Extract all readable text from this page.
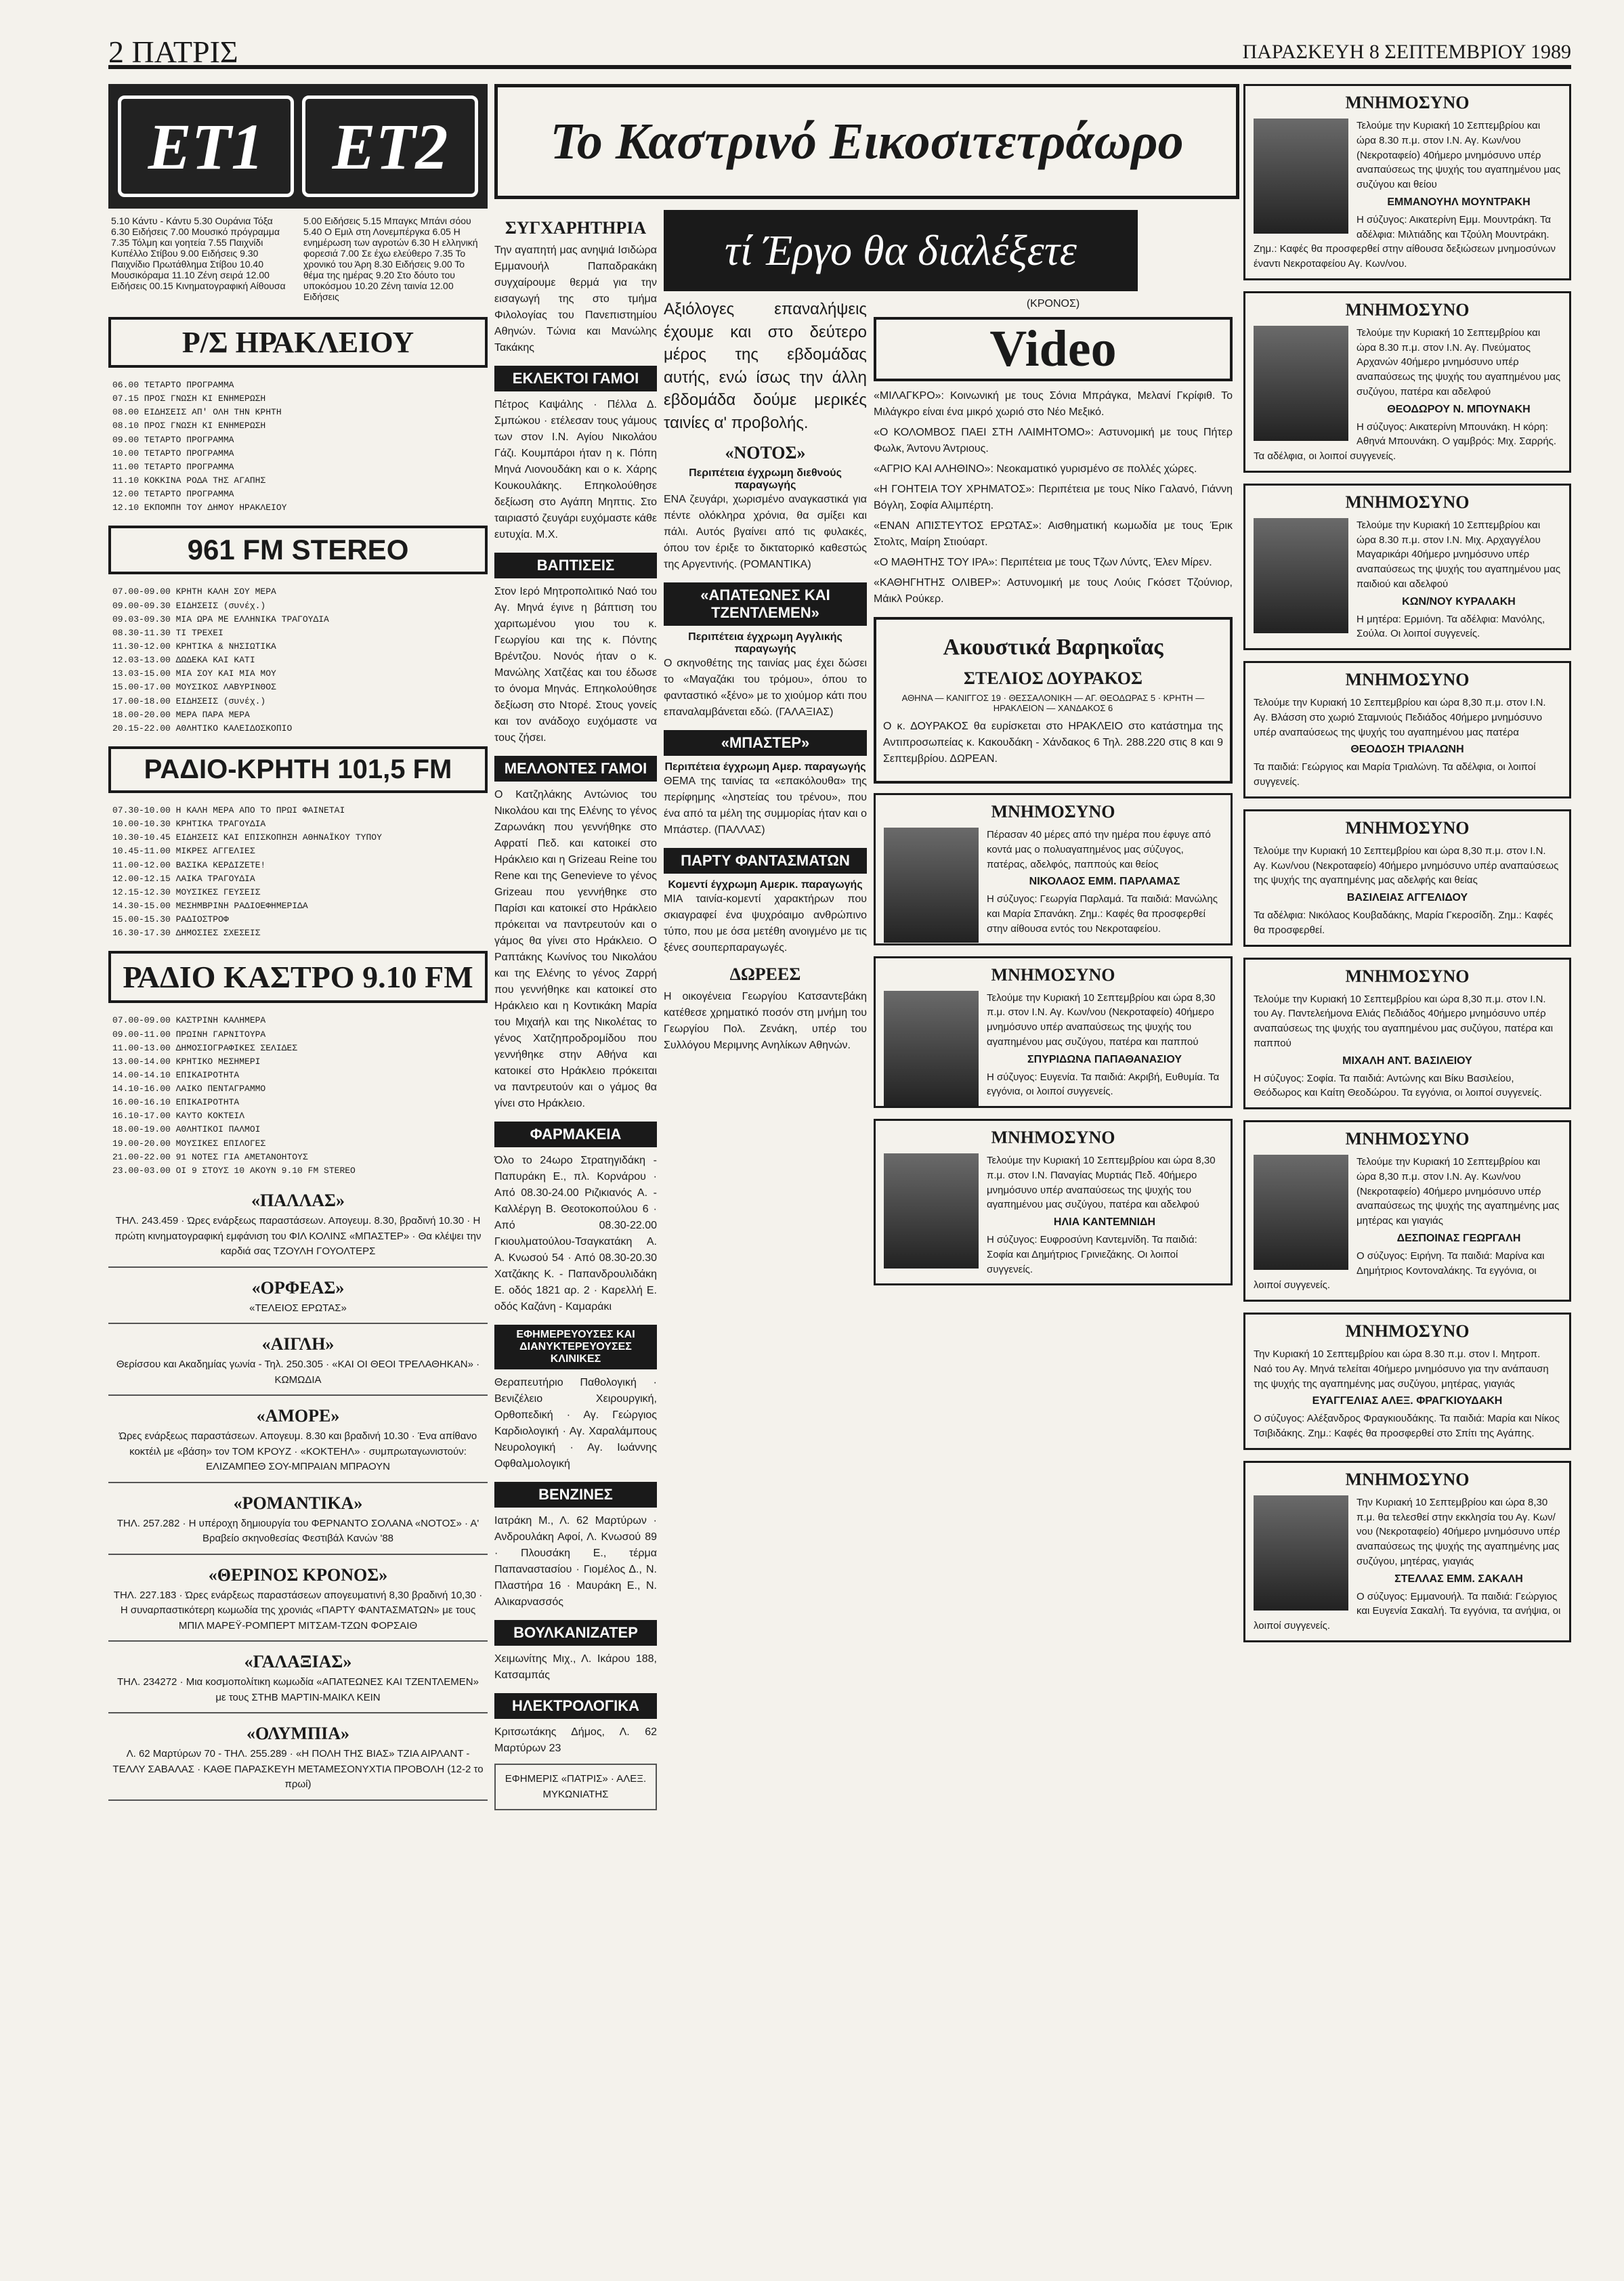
2 ΠΑΤΡΙΣ	ΠΑΡΑΣΚΕΥΗ 8 ΣΕΠΤΕΜΒΡΙΟΥ 1989
ET1	ET2
5.10 Κάντυ - Κάντυ 5.30 Ουράνια Τόξα 6.30 Ειδήσεις 7.00 Μουσικό πρόγραμμα 7.35 Τόλμη και γοητεία 7.55 Παιχνίδι Κυπέλλο Στίβου 9.00 Ειδήσεις 9.30 Παιχνίδιο Πρωτάθλημα Στίβου 10.40 Μουσικόραμα 11.10 Ζένη σειρά 12.00 Ειδήσεις 00.15 Κινηματογραφική Αίθουσα
5.00 Ειδήσεις 5.15 Μπαγκς Μπάνι σόου 5.40 Ο Εμιλ στη Λονεμπέργκα 6.05 Η ενημέρωση των αγροτών 6.30 Η ελληνική φορεσιά 7.00 Σε έχω ελεύθερο 7.35 Το χρονικό του Άρη 8.30 Ειδήσεις 9.00 Το θέμα της ημέρας 9.20 Στο δόυτο του υποκόσμου 10.20 Ζένη ταινία 12.00 Ειδήσεις
Ρ/Σ ΗΡΑΚΛΕΙΟΥ
06.00 ΤΕΤΑΡΤΟ ΠΡΟΓΡΑΜΜΑ
07.15 ΠΡΟΣ ΓΝΩΣΗ ΚΙ ΕΝΗΜΕΡΩΣΗ
08.00 ΕΙΔΗΣΕΙΣ ΑΠ' ΟΛΗ ΤΗΝ ΚΡΗΤΗ
08.10 ΠΡΟΣ ΓΝΩΣΗ ΚΙ ΕΝΗΜΕΡΩΣΗ
09.00 ΤΕΤΑΡΤΟ ΠΡΟΓΡΑΜΜΑ
10.00 ΤΕΤΑΡΤΟ ΠΡΟΓΡΑΜΜΑ
11.00 ΤΕΤΑΡΤΟ ΠΡΟΓΡΑΜΜΑ
11.10 ΚΟΚΚΙΝΑ ΡΟΔΑ ΤΗΣ ΑΓΑΠΗΣ
12.00 ΤΕΤΑΡΤΟ ΠΡΟΓΡΑΜΜΑ
12.10 ΕΚΠΟΜΠΗ ΤΟΥ ΔΗΜΟΥ ΗΡΑΚΛΕΙΟΥ
961 FM STEREO
07.00-09.00 ΚΡΗΤΗ ΚΑΛΗ ΣΟΥ ΜΕΡΑ
09.00-09.30 ΕΙΔΗΣΕΙΣ (συνέχ.)
09.03-09.30 ΜΙΑ ΩΡΑ ΜΕ ΕΛΛΗΝΙΚΑ ΤΡΑΓΟΥΔΙΑ
08.30-11.30 ΤΙ ΤΡΕΧΕΙ
11.30-12.00 ΚΡΗΤΙΚΑ & ΝΗΣΙΩΤΙΚΑ
12.03-13.00 ΔΩΔΕΚΑ ΚΑΙ ΚΑΤΙ
13.03-15.00 ΜΙΑ ΣΟΥ ΚΑΙ ΜΙΑ ΜΟΥ
15.00-17.00 ΜΟΥΣΙΚΟΣ ΛΑΒΥΡΙΝΘΟΣ
17.00-18.00 ΕΙΔΗΣΕΙΣ (συνέχ.)
18.00-20.00 ΜΕΡΑ ΠΑΡΑ ΜΕΡΑ
20.15-22.00 ΑΘΛΗΤΙΚΟ ΚΑΛΕΙΔΟΣΚΟΠΙΟ
ΡΑΔΙΟ-ΚΡΗΤΗ 101,5 FM
07.30-10.00 Η ΚΑΛΗ ΜΕΡΑ ΑΠΟ ΤΟ ΠΡΩΙ ΦΑΙΝΕΤΑΙ
10.00-10.30 ΚΡΗΤΙΚΑ ΤΡΑΓΟΥΔΙΑ
10.30-10.45 ΕΙΔΗΣΕΙΣ ΚΑΙ ΕΠΙΣΚΟΠΗΣΗ ΑΘΗΝΑΪΚΟΥ ΤΥΠΟΥ
10.45-11.00 ΜΙΚΡΕΣ ΑΓΓΕΛΙΕΣ
11.00-12.00 ΒΑΣΙΚΑ ΚΕΡΔΙΖΕΤΕ!
12.00-12.15 ΛΑΙΚΑ ΤΡΑΓΟΥΔΙΑ
12.15-12.30 ΜΟΥΣΙΚΕΣ ΓΕΥΣΕΙΣ
14.30-15.00 ΜΕΣΗΜΒΡΙΝΗ ΡΑΔΙΟΕΦΗΜΕΡΙΔΑ
15.00-15.30 ΡΑΔΙΟΣΤΡΟΦ
16.30-17.30 ΔΗΜΟΣΙΕΣ ΣΧΕΣΕΙΣ
ΡΑΔΙΟ ΚΑΣΤΡΟ 9.10 FM
07.00-09.00 ΚΑΣΤΡΙΝΗ ΚΑΛΗΜΕΡΑ
09.00-11.00 ΠΡΩΙΝΗ ΓΑΡΝΙΤΟΥΡΑ
11.00-13.00 ΔΗΜΟΣΙΟΓΡΑΦΙΚΕΣ ΣΕΛΙΔΕΣ
13.00-14.00 ΚΡΗΤΙΚΟ ΜΕΣΗΜΕΡΙ
14.00-14.10 ΕΠΙΚΑΙΡΟΤΗΤΑ
14.10-16.00 ΛΑΙΚΟ ΠΕΝΤΑΓΡΑΜΜΟ
16.00-16.10 ΕΠΙΚΑΙΡΟΤΗΤΑ
16.10-17.00 ΚΑΥΤΟ ΚΟΚΤΕΙΛ
18.00-19.00 ΑΘΛΗΤΙΚΟΙ ΠΑΛΜΟΙ
19.00-20.00 ΜΟΥΣΙΚΕΣ ΕΠΙΛΟΓΕΣ
21.00-22.00 91 ΝΟΤΕΣ ΓΙΑ ΑΜΕΤΑΝΟΗΤΟΥΣ
23.00-03.00 ΟΙ 9 ΣΤΟΥΣ 10 ΑΚΟΥΝ 9.10 FM STEREO
«ΠΑΛΛΑΣ»
ΤΗΛ. 243.459 · Ώρες ενάρξεως παραστάσεων. Απογευμ. 8.30, βραδινή 10.30 · Η πρώτη κινηματογραφική εμφάνιση του ΦΙΛ ΚΟΛΙΝΣ «ΜΠΑΣΤΕΡ» · Θα κλέψει την καρδιά σας ΤΖΟΥΛΗ ΓΟΥΟΛΤΕΡΣ
«ΟΡΦΕΑΣ»
«ΤΕΛΕΙΟΣ ΕΡΩΤΑΣ»
«ΑΙΓΛΗ»
Θερίσσου και Ακαδημίας γωνία - Τηλ. 250.305 · «ΚΑΙ ΟΙ ΘΕΟΙ ΤΡΕΛΑΘΗΚΑΝ» · ΚΩΜΩΔΙΑ
«ΑΜΟΡΕ»
Ώρες ενάρξεως παραστάσεων. Απογευμ. 8.30 και βραδινή 10.30 · Ένα απίθανο κοκτέιλ με «βάση» τον ΤΟΜ ΚΡΟΥΖ · «ΚΟΚΤΕΗΛ» · συμπρωταγωνιστούν: ΕΛΙΖΑΜΠΕΘ ΣΟΥ-ΜΠΡΑΙΑΝ ΜΠΡΑΟΥΝ
«ΡΟΜΑΝΤΙΚΑ»
ΤΗΛ. 257.282 · Η υπέροχη δημιουργία του ΦΕΡΝΑΝΤΟ ΣΟΛΑΝΑ «ΝΟΤΟΣ» · Α' Βραβείο σκηνοθεσίας Φεστιβάλ Κανών '88
«ΘΕΡΙΝΟΣ ΚΡΟΝΟΣ»
ΤΗΛ. 227.183 · Ώρες ενάρξεως παραστάσεων απογευματινή 8,30 βραδινή 10,30 · Η συναρπαστικότερη κωμωδία της χρονιάς «ΠΑΡΤΥ ΦΑΝΤΑΣΜΑΤΩΝ» με τους ΜΠΙΛ ΜΑΡΕΫ-ΡΟΜΠΕΡΤ ΜΙΤΣΑΜ-ΤΖΩΝ ΦΟΡΣΑΙΘ
«ΓΑΛΑΞΙΑΣ»
ΤΗΛ. 234272 · Μια κοσμοπολίτικη κωμωδία «ΑΠΑΤΕΩΝΕΣ ΚΑΙ ΤΖΕΝΤΛΕΜΕΝ» με τους ΣΤΗΒ ΜΑΡΤΙΝ-ΜΑΙΚΛ ΚΕΙΝ
«ΟΛΥΜΠΙΑ»
Λ. 62 Μαρτύρων 70 - ΤΗΛ. 255.289 · «Η ΠΟΛΗ ΤΗΣ ΒΙΑΣ» ΤΖΙΑ ΑΙΡΛΑΝΤ - ΤΕΛΛΥ ΣΑΒΑΛΑΣ · ΚΑΘΕ ΠΑΡΑΣΚΕΥΗ ΜΕΤΑΜΕΣΟΝΥΧΤΙΑ ΠΡΟΒΟΛΗ (12-2 το πρωί)
Το Καστρινό Εικοσιτετράωρο
ΣΥΓΧΑΡΗΤΗΡΙΑ

Την αγαπητή μας ανηψιά Ισιδώρα Εμμανουήλ Παπαδρακάκη συγχαίρουμε θερμά για την εισαγωγή της στο τμήμα Φιλολογίας του Πανεπιστημίου Αθηνών. Τώνια και Μανώλης Τακάκης

ΕΚΛΕΚΤΟΙ ΓΑΜΟΙ

Πέτρος Καψάλης · Πέλλα Δ. Σμπώκου · ετέλεσαν τους γάμους των στον Ι.Ν. Αγίου Νικολάου Γάζι. Κουμπάροι ήταν η κ. Πόπη Μηνά Λιονουδάκη και ο κ. Χάρης Κουκουλάκης. Επηκολούθησε δεξίωση στο Αγάπη Μηπτις. Στο ταιριαστό ζευγάρι ευχόμαστε κάθε ευτυχία. Μ.Χ.

ΒΑΠΤΙΣΕΙΣ

Στον Ιερό Μητροπολιτικό Ναό του Αγ. Μηνά έγινε η βάπτιση του χαριτωμένου γιου του κ. Γεωργίου και της κ. Πόντης Βρέντζου. Νονός ήταν ο κ. Μανώλης Χατζέας και του έδωσε το όνομα Μηνάς. Επηκολούθησε δεξίωση στο Ντορέ. Στους γονείς και τον ανάδοχο ευχόμαστε να τους ζήσει.

ΜΕΛΛΟΝΤΕΣ ΓΑΜΟΙ

Ο Κατζηλάκης Αντώνιος του Νικολάου και της Ελένης το γένος Ζαρωνάκη που γεννήθηκε στο Αφρατί Πεδ. και κατοικεί στο Ηράκλειο και η Grizeau Reine του Rene και της Genevieve το γένος Grizeau που γεννήθηκε στο Παρίσι και κατοικεί στο Ηράκλειο πρόκειται να παντρευτούν και ο γάμος θα γίνει στο Ηράκλειο. Ο Ραπτάκης Κωνίνος του Νικολάου και της Ελένης το γένος Ζαρρή που γεννήθηκε και κατοικεί στο Ηράκλειο και η Κοντικάκη Μαρία του Μιχαήλ και της Νικολέτας το γένος Χατζηπροδρομίδου που γεννήθηκε στην Αθήνα και κατοικεί στο Ηράκλειο πρόκειται να παντρευτούν και ο γάμος θα γίνει στο Ηράκλειο.

ΦΑΡΜΑΚΕΙΑ

Όλο το 24ωρο Στρατηγιδάκη - Παπυράκη Ε., πλ. Κορνάρου · Από 08.30-24.00 Ριζικιανός Α. - Καλλέργη Β. Θεοτοκοπούλου 6 · Από 08.30-22.00 Γκιουλματούλου-Τσαγκατάκη Α. Α. Κνωσού 54 · Από 08.30-20.30 Χατζάκης Κ. - Παπανδρουλιδάκη Ε. οδός 1821 αρ. 2 · Καρελλή Ε. οδός Καζάνη - Καμαράκι

ΕΦΗΜΕΡΕΥΟΥΣΕΣ ΚΑΙ ΔΙΑΝΥΚΤΕΡΕΥΟΥΣΕΣ ΚΛΙΝΙΚΕΣ

Θεραπευτήριο Παθολογική · Βενιζέλειο Χειρουργική, Ορθοπεδική · Αγ. Γεώργιος Καρδιολογική · Αγ. Χαραλάμπους Νευρολογική · Αγ. Ιωάννης Οφθαλμολογική

ΒΕΝΖΙΝΕΣ

Ιατράκη Μ., Λ. 62 Μαρτύρων · Ανδρουλάκη Αφοί, Λ. Κνωσού 89 · Πλουσάκη Ε., τέρμα Παπαναστασίου · Γιομέλος Δ., Ν. Πλαστήρα 16 · Μαυράκη Ε., Ν. Αλικαρνασσός

ΒΟΥΛΚΑΝΙΖΑΤΕΡ

Χειμωνίτης Μιχ., Λ. Ικάρου 188, Κατσαμπάς

ΗΛΕΚΤΡΟΛΟΓΙΚΑ

Κριτσωτάκης Δήμος, Λ. 62 Μαρτύρων 23

ΕΦΗΜΕΡΙΣ «ΠΑΤΡΙΣ» · ΑΛΕΞ. ΜΥΚΩΝΙΑΤΗΣ
τί Έργο θα διαλέξετε

Αξιόλογες επαναλήψεις έχουμε και στο δεύτερο μέρος της εβδομάδας αυτής, ενώ ίσως την άλλη εβδομάδα δούμε μερικές ταινίες α' προβολής.

«ΝΟΤΟΣ»
Περιπέτεια έγχρωμη διεθνούς παραγωγής

ΕΝΑ ζευγάρι, χωρισμένο αναγκαστικά για πέντε ολόκληρα χρόνια, θα σμίξει και πάλι. Αυτός βγαίνει από τις φυλακές, όπου τον έριξε το δικτατορικό καθεστώς της Αργεντινής. (ΡΟΜΑΝΤΙΚΑ)

«ΑΠΑΤΕΩΝΕΣ ΚΑΙ ΤΖΕΝΤΛΕΜΕΝ»
Περιπέτεια έγχρωμη Αγγλικής παραγωγής

Ο σκηνοθέτης της ταινίας μας έχει δώσει το «Μαγαζάκι του τρόμου», όπου το φανταστικό «ξένο» με το χιούμορ κάτι που επαναλαμβάνεται εδώ. (ΓΑΛΑΞΙΑΣ)

«ΜΠΑΣΤΕΡ»
Περιπέτεια έγχρωμη Αμερ. παραγωγής

ΘΕΜΑ της ταινίας τα «επακόλουθα» της περίφημης «ληστείας του τρένου», που ένα από τα μέλη της συμμορίας ήταν και ο Μπάστερ. (ΠΑΛΛΑΣ)

ΠΑΡΤΥ ΦΑΝΤΑΣΜΑΤΩΝ
Κομεντί έγχρωμη Αμερικ. παραγωγής

ΜΙΑ ταινία-κομεντί χαρακτήρων που σκιαγραφεί ένα ψυχρόαιμο ανθρώπινο τύπο, που με όσα μετέθη ανοιγμένο με τις ξένες σουπερπαραγωγές.

ΔΩΡΕΕΣ

Η οικογένεια Γεωργίου Κατσαντεβάκη κατέθεσε χρηματικό ποσόν στη μνήμη του Γεωργίου Πολ. Ζενάκη, υπέρ του Συλλόγου Μεριμνης Ανηλίκων Αθηνών.

(ΚΡΟΝΟΣ)
Video
«ΜΙΛΑΓΚΡΟ»: Κοινωνική με τους Σόνια Μπράγκα, Μελανί Γκρίφιθ. Το Μιλάγκρο είναι ένα μικρό χωριό στο Νέο Μεξικό.
«Ο ΚΟΛΟΜΒΟΣ ΠΑΕΙ ΣΤΗ ΛΑΙΜΗΤΟΜΟ»: Αστυνομική με τους Πήτερ Φωλκ, Άντονυ Άντριους.
«ΑΓΡΙΟ ΚΑΙ ΑΛΗΘΙΝΟ»: Νεοκαματικό γυρισμένο σε πολλές χώρες.
«Η ΓΟΗΤΕΙΑ ΤΟΥ ΧΡΗΜΑΤΟΣ»: Περιπέτεια με τους Νίκο Γαλανό, Γιάννη Βόγλη, Σοφία Αλιμπέρτη.
«ΕΝΑΝ ΑΠΙΣΤΕΥΤΟΣ ΕΡΩΤΑΣ»: Αισθηματική κωμωδία με τους Έρικ Στολτς, Μαίρη Στιούαρτ.
«Ο ΜΑΘΗΤΗΣ ΤΟΥ ΙΡΑ»: Περιπέτεια με τους Τζων Λύντς, Έλεν Μίρεν.
«ΚΑΘΗΓΗΤΗΣ ΟΛΙΒΕΡ»: Αστυνομική με τους Λούις Γκόσετ Τζούνιορ, Μάικλ Ρούκερ.
Ακουστικά Βαρηκοΐας
ΣΤΕΛΙΟΣ ΔΟΥΡΑΚΟΣ
ΑΘΗΝΑ — ΚΑΝΙΓΓΟΣ 19 · ΘΕΣΣΑΛΟΝΙΚΗ — ΑΓ. ΘΕΟΔΩΡΑΣ 5 · ΚΡΗΤΗ — ΗΡΑΚΛΕΙΟΝ — ΧΑΝΔΑΚΟΣ 6

Ο κ. ΔΟΥΡΑΚΟΣ θα ευρίσκεται στο ΗΡΑΚΛΕΙΟ στο κατάστημα της Αντιπροσωπείας κ. Κακουδάκη - Χάνδακος 6 Τηλ. 288.220 στις 8 και 9 Σεπτεμβρίου. ΔΩΡΕΑΝ.

ΜΝΗΜΟΣΥΝΟ
Πέρασαν 40 μέρες από την ημέρα που έφυγε από κοντά μας ο πολυαγαπημένος μας σύζυγος, πατέρας, αδελφός, παππούς και θείος
ΝΙΚΟΛΑΟΣ ΕΜΜ. ΠΑΡΛΑΜΑΣ
Η σύζυγος: Γεωργία Παρλαμά. Τα παιδιά: Μανώλης και Μαρία Σπανάκη. Ζημ.: Καφές θα προσφερθεί στην αίθουσα εντός του Νεκροταφείου.
ΜΝΗΜΟΣΥΝΟ
Τελούμε την Κυριακή 10 Σεπτεμβρίου και ώρα 8,30 π.μ. στον Ι.Ν. Αγ. Κων/νου (Νεκροταφείο) 40ήμερο μνημόσυνο υπέρ αναπαύσεως της ψυχής του αγαπημένου μας συζύγου, πατέρα και παππού
ΣΠΥΡΙΔΩΝΑ ΠΑΠΑΘΑΝΑΣΙΟΥ
Η σύζυγος: Ευγενία. Τα παιδιά: Ακριβή, Ευθυμία. Τα εγγόνια, οι λοιποί συγγενείς.
ΜΝΗΜΟΣΥΝΟ
Τελούμε την Κυριακή 10 Σεπτεμβρίου και ώρα 8,30 π.μ. στον Ι.Ν. Παναγίας Μυρτιάς Πεδ. 40ήμερο μνημόσυνο υπέρ αναπαύσεως της ψυχής του αγαπημένου μας συζύγου, πατέρα και αδελφού
ΗΛΙΑ ΚΑΝΤΕΜΝΙΔΗ
Η σύζυγος: Ευφροσύνη Καντεμνίδη. Τα παιδιά: Σοφία και Δημήτριος Γρινιεζάκης. Οι λοιποί συγγενείς.
ΜΝΗΜΟΣΥΝΟ
Τελούμε την Κυριακή 10 Σεπτεμβρίου και ώρα 8.30 π.μ. στον Ι.Ν. Αγ. Κων/νου (Νεκροταφείο) 40ήμερο μνημόσυνο υπέρ αναπαύσεως της ψυχής του αγαπημένου μας συζύγου και θείου
ΕΜΜΑΝΟΥΗΛ ΜΟΥΝΤΡΑΚΗ
Η σύζυγος: Αικατερίνη Εμμ. Μουντράκη. Τα αδέλφια: Μιλτιάδης και Τζούλη Μουντράκη. Ζημ.: Καφές θα προσφερθεί στην αίθουσα δεξιώσεων μνημοσύνων έναντι Νεκροταφείου Αγ. Κων/νου.
ΜΝΗΜΟΣΥΝΟ
Τελούμε την Κυριακή 10 Σεπτεμβρίου και ώρα 8.30 π.μ. στον Ι.Ν. Αγ. Πνεύματος Αρχανών 40ήμερο μνημόσυνο υπέρ αναπαύσεως της ψυχής του αγαπημένου μας συζύγου, πατέρα και αδελφού
ΘΕΟΔΩΡΟΥ Ν. ΜΠΟΥΝΑΚΗ
Η σύζυγος: Αικατερίνη Μπουνάκη. Η κόρη: Αθηνά Μπουνάκη. Ο γαμβρός: Μιχ. Σαρρής. Τα αδέλφια, οι λοιποί συγγενείς.
ΜΝΗΜΟΣΥΝΟ
Τελούμε την Κυριακή 10 Σεπτεμβρίου και ώρα 8.30 π.μ. στον Ι.Ν. Μιχ. Αρχαγγέλου Μαγαρικάρι 40ήμερο μνημόσυνο υπέρ αναπαύσεως της ψυχής του αγαπημένου μας παιδιού και αδελφού
ΚΩΝ/ΝΟΥ ΚΥΡΑΛΑΚΗ
Η μητέρα: Ερμιόνη. Τα αδέλφια: Μανόλης, Σούλα. Οι λοιποί συγγενείς.
ΜΝΗΜΟΣΥΝΟ
Τελούμε την Κυριακή 10 Σεπτεμβρίου και ώρα 8,30 π.μ. στον Ι.Ν. Αγ. Βλάσση στο χωριό Σταμνιούς Πεδιάδος 40ήμερο μνημόσυνο υπέρ αναπαύσεως της ψυχής του αγαπημένου μας πατέρα
ΘΕΟΔΟΣΗ ΤΡΙΑΛΩΝΗ
Τα παιδιά: Γεώργιος και Μαρία Τριαλώνη. Τα αδέλφια, οι λοιποί συγγενείς.
ΜΝΗΜΟΣΥΝΟ
Τελούμε την Κυριακή 10 Σεπτεμβρίου και ώρα 8,30 π.μ. στον Ι.Ν. Αγ. Κων/νου (Νεκροταφείο) 40ήμερο μνημόσυνο υπέρ αναπαύσεως της ψυχής της αγαπημένης μας αδελφής και θείας
ΒΑΣΙΛΕΙΑΣ ΑΓΓΕΛΙΔΟΥ
Τα αδέλφια: Νικόλαος Κουβαδάκης, Μαρία Γκεροσίδη. Ζημ.: Καφές θα προσφερθεί.
ΜΝΗΜΟΣΥΝΟ
Τελούμε την Κυριακή 10 Σεπτεμβρίου και ώρα 8,30 π.μ. στον Ι.Ν. του Αγ. Παντελεήμονα Ελιάς Πεδιάδος 40ήμερο μνημόσυνο υπέρ αναπαύσεως της ψυχής του αγαπημένου μας συζύγου, πατέρα και παππού
ΜΙΧΑΛΗ ΑΝΤ. ΒΑΣΙΛΕΙΟΥ
Η σύζυγος: Σοφία. Τα παιδιά: Αντώνης και Βίκυ Βασιλείου, Θεόδωρος και Καίτη Θεοδώρου. Τα εγγόνια, οι λοιποί συγγενείς.
ΜΝΗΜΟΣΥΝΟ
Τελούμε την Κυριακή 10 Σεπτεμβρίου και ώρα 8,30 π.μ. στον Ι.Ν. Αγ. Κων/νου (Νεκροταφείο) 40ήμερο μνημόσυνο υπέρ αναπαύσεως της ψυχής της αγαπημένης μας μητέρας και γιαγιάς
ΔΕΣΠΟΙΝΑΣ ΓΕΩΡΓΑΛΗ
Ο σύζυγος: Ειρήνη. Τα παιδιά: Μαρίνα και Δημήτριος Κοντοναλάκης. Τα εγγόνια, οι λοιποί συγγενείς.
ΜΝΗΜΟΣΥΝΟ
Την Κυριακή 10 Σεπτεμβρίου και ώρα 8.30 π.μ. στον Ι. Μητροπ. Ναό του Αγ. Μηνά τελείται 40ήμερο μνημόσυνο για την ανάπαυση της ψυχής της αγαπημένης μας συζύγου, μητέρας, γιαγιάς
ΕΥΑΓΓΕΛΙΑΣ ΑΛΕΞ. ΦΡΑΓΚΙΟΥΔΑΚΗ
Ο σύζυγος: Αλέξανδρος Φραγκιουδάκης. Τα παιδιά: Μαρία και Νίκος Τσιβιδάκης. Ζημ.: Καφές θα προσφερθεί στο Σπίτι της Αγάπης.
ΜΝΗΜΟΣΥΝΟ
Την Κυριακή 10 Σεπτεμβρίου και ώρα 8,30 π.μ. θα τελεσθεί στην εκκλησία του Αγ. Κων/νου (Νεκροταφείο) 40ήμερο μνημόσυνο υπέρ αναπαύσεως της ψυχής της αγαπημένης μας συζύγου, μητέρας, γιαγιάς
ΣΤΕΛΛΑΣ ΕΜΜ. ΣΑΚΑΛΗ
Ο σύζυγος: Εμμανουήλ. Τα παιδιά: Γεώργιος και Ευγενία Σακαλή. Τα εγγόνια, τα ανήψια, οι λοιποί συγγενείς.
